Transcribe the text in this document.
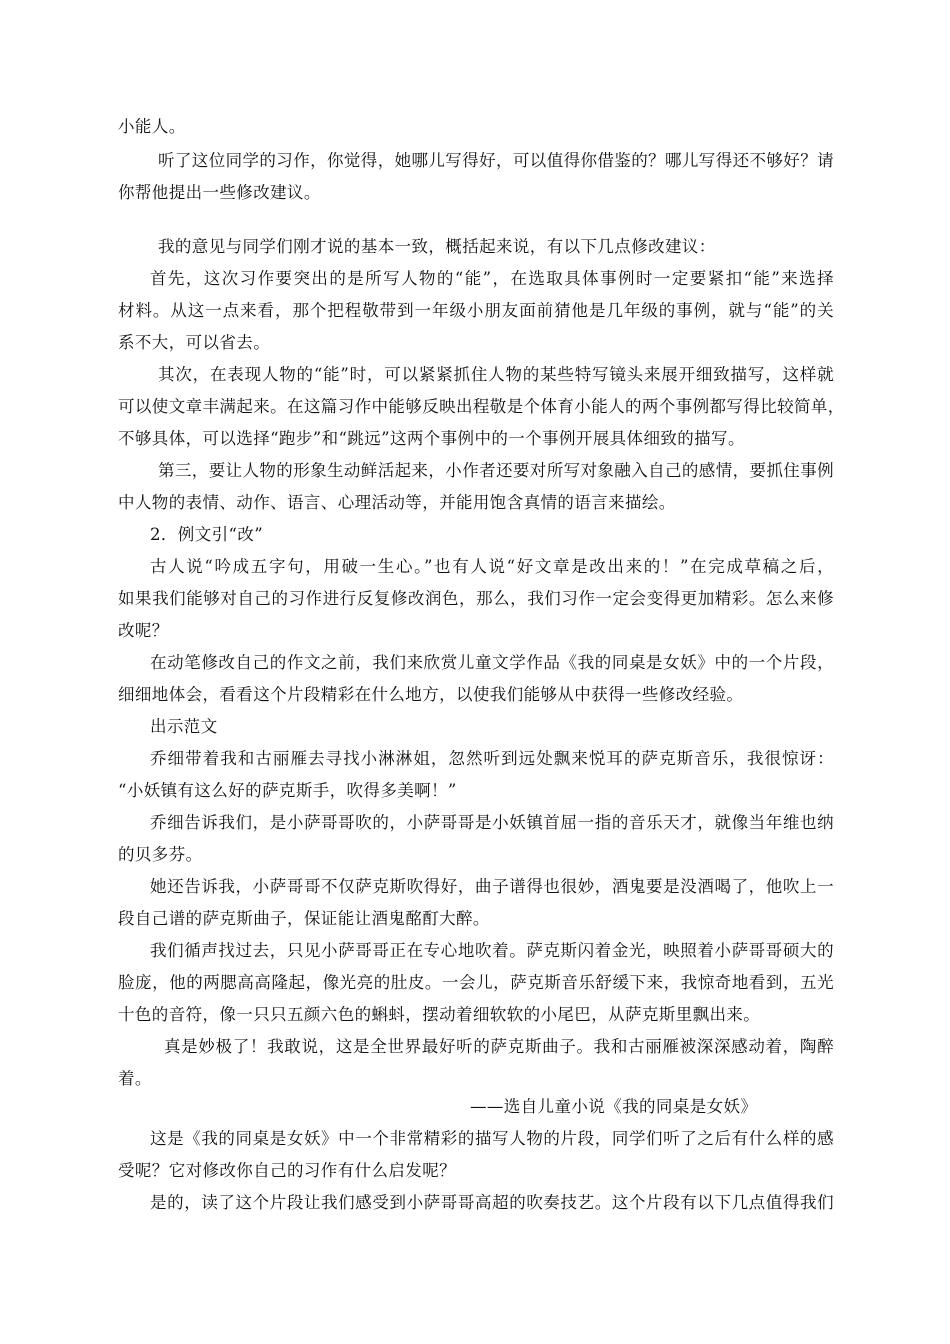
小能人。
听了这位同学的习作，你觉得，她哪儿写得好，可以值得你借鉴的？哪儿写得还不够好？请
你帮他提出一些修改建议。
我的意见与同学们刚才说的基本一致，概括起来说，有以下几点修改建议：
首先，这次习作要突出的是所写人物的“能”，在选取具体事例时一定要紧扣“能”来选择
材料。从这一点来看，那个把程敬带到一年级小朋友面前猜他是几年级的事例，就与“能”的关
系不大，可以省去。
其次，在表现人物的“能”时，可以紧紧抓住人物的某些特写镜头来展开细致描写，这样就
可以使文章丰满起来。在这篇习作中能够反映出程敬是个体育小能人的两个事例都写得比较简单，
不够具体，可以选择“跑步”和“跳远”这两个事例中的一个事例开展具体细致的描写。
第三，要让人物的形象生动鲜活起来，小作者还要对所写对象融入自己的感情，要抓住事例
中人物的表情、动作、语言、心理活动等，并能用饱含真情的语言来描绘。
2．例文引“改”
古人说“吟成五字句，用破一生心。”也有人说“好文章是改出来的！”在完成草稿之后，
如果我们能够对自己的习作进行反复修改润色，那么，我们习作一定会变得更加精彩。怎么来修
改呢？
在动笔修改自己的作文之前，我们来欣赏儿童文学作品《我的同桌是女妖》中的一个片段，
细细地体会，看看这个片段精彩在什么地方，以使我们能够从中获得一些修改经验。
出示范文
乔细带着我和古丽雁去寻找小淋淋姐，忽然听到远处飘来悦耳的萨克斯音乐，我很惊讶：
“小妖镇有这么好的萨克斯手，吹得多美啊！”
乔细告诉我们，是小萨哥哥吹的，小萨哥哥是小妖镇首屈一指的音乐天才，就像当年维也纳
的贝多芬。
她还告诉我，小萨哥哥不仅萨克斯吹得好，曲子谱得也很妙，酒鬼要是没酒喝了，他吹上一
段自己谱的萨克斯曲子，保证能让酒鬼酩酊大醉。
我们循声找过去，只见小萨哥哥正在专心地吹着。萨克斯闪着金光，映照着小萨哥哥硕大的
脸庞，他的两腮高高隆起，像光亮的肚皮。一会儿，萨克斯音乐舒缓下来，我惊奇地看到，五光
十色的音符，像一只只五颜六色的蝌蚪，摆动着细软软的小尾巴，从萨克斯里飘出来。
真是妙极了！我敢说，这是全世界最好听的萨克斯曲子。我和古丽雁被深深感动着，陶醉
着。
——选自儿童小说《我的同桌是女妖》
这是《我的同桌是女妖》中一个非常精彩的描写人物的片段，同学们听了之后有什么样的感
受呢？它对修改你自己的习作有什么启发呢？
是的，读了这个片段让我们感受到小萨哥哥高超的吹奏技艺。这个片段有以下几点值得我们
